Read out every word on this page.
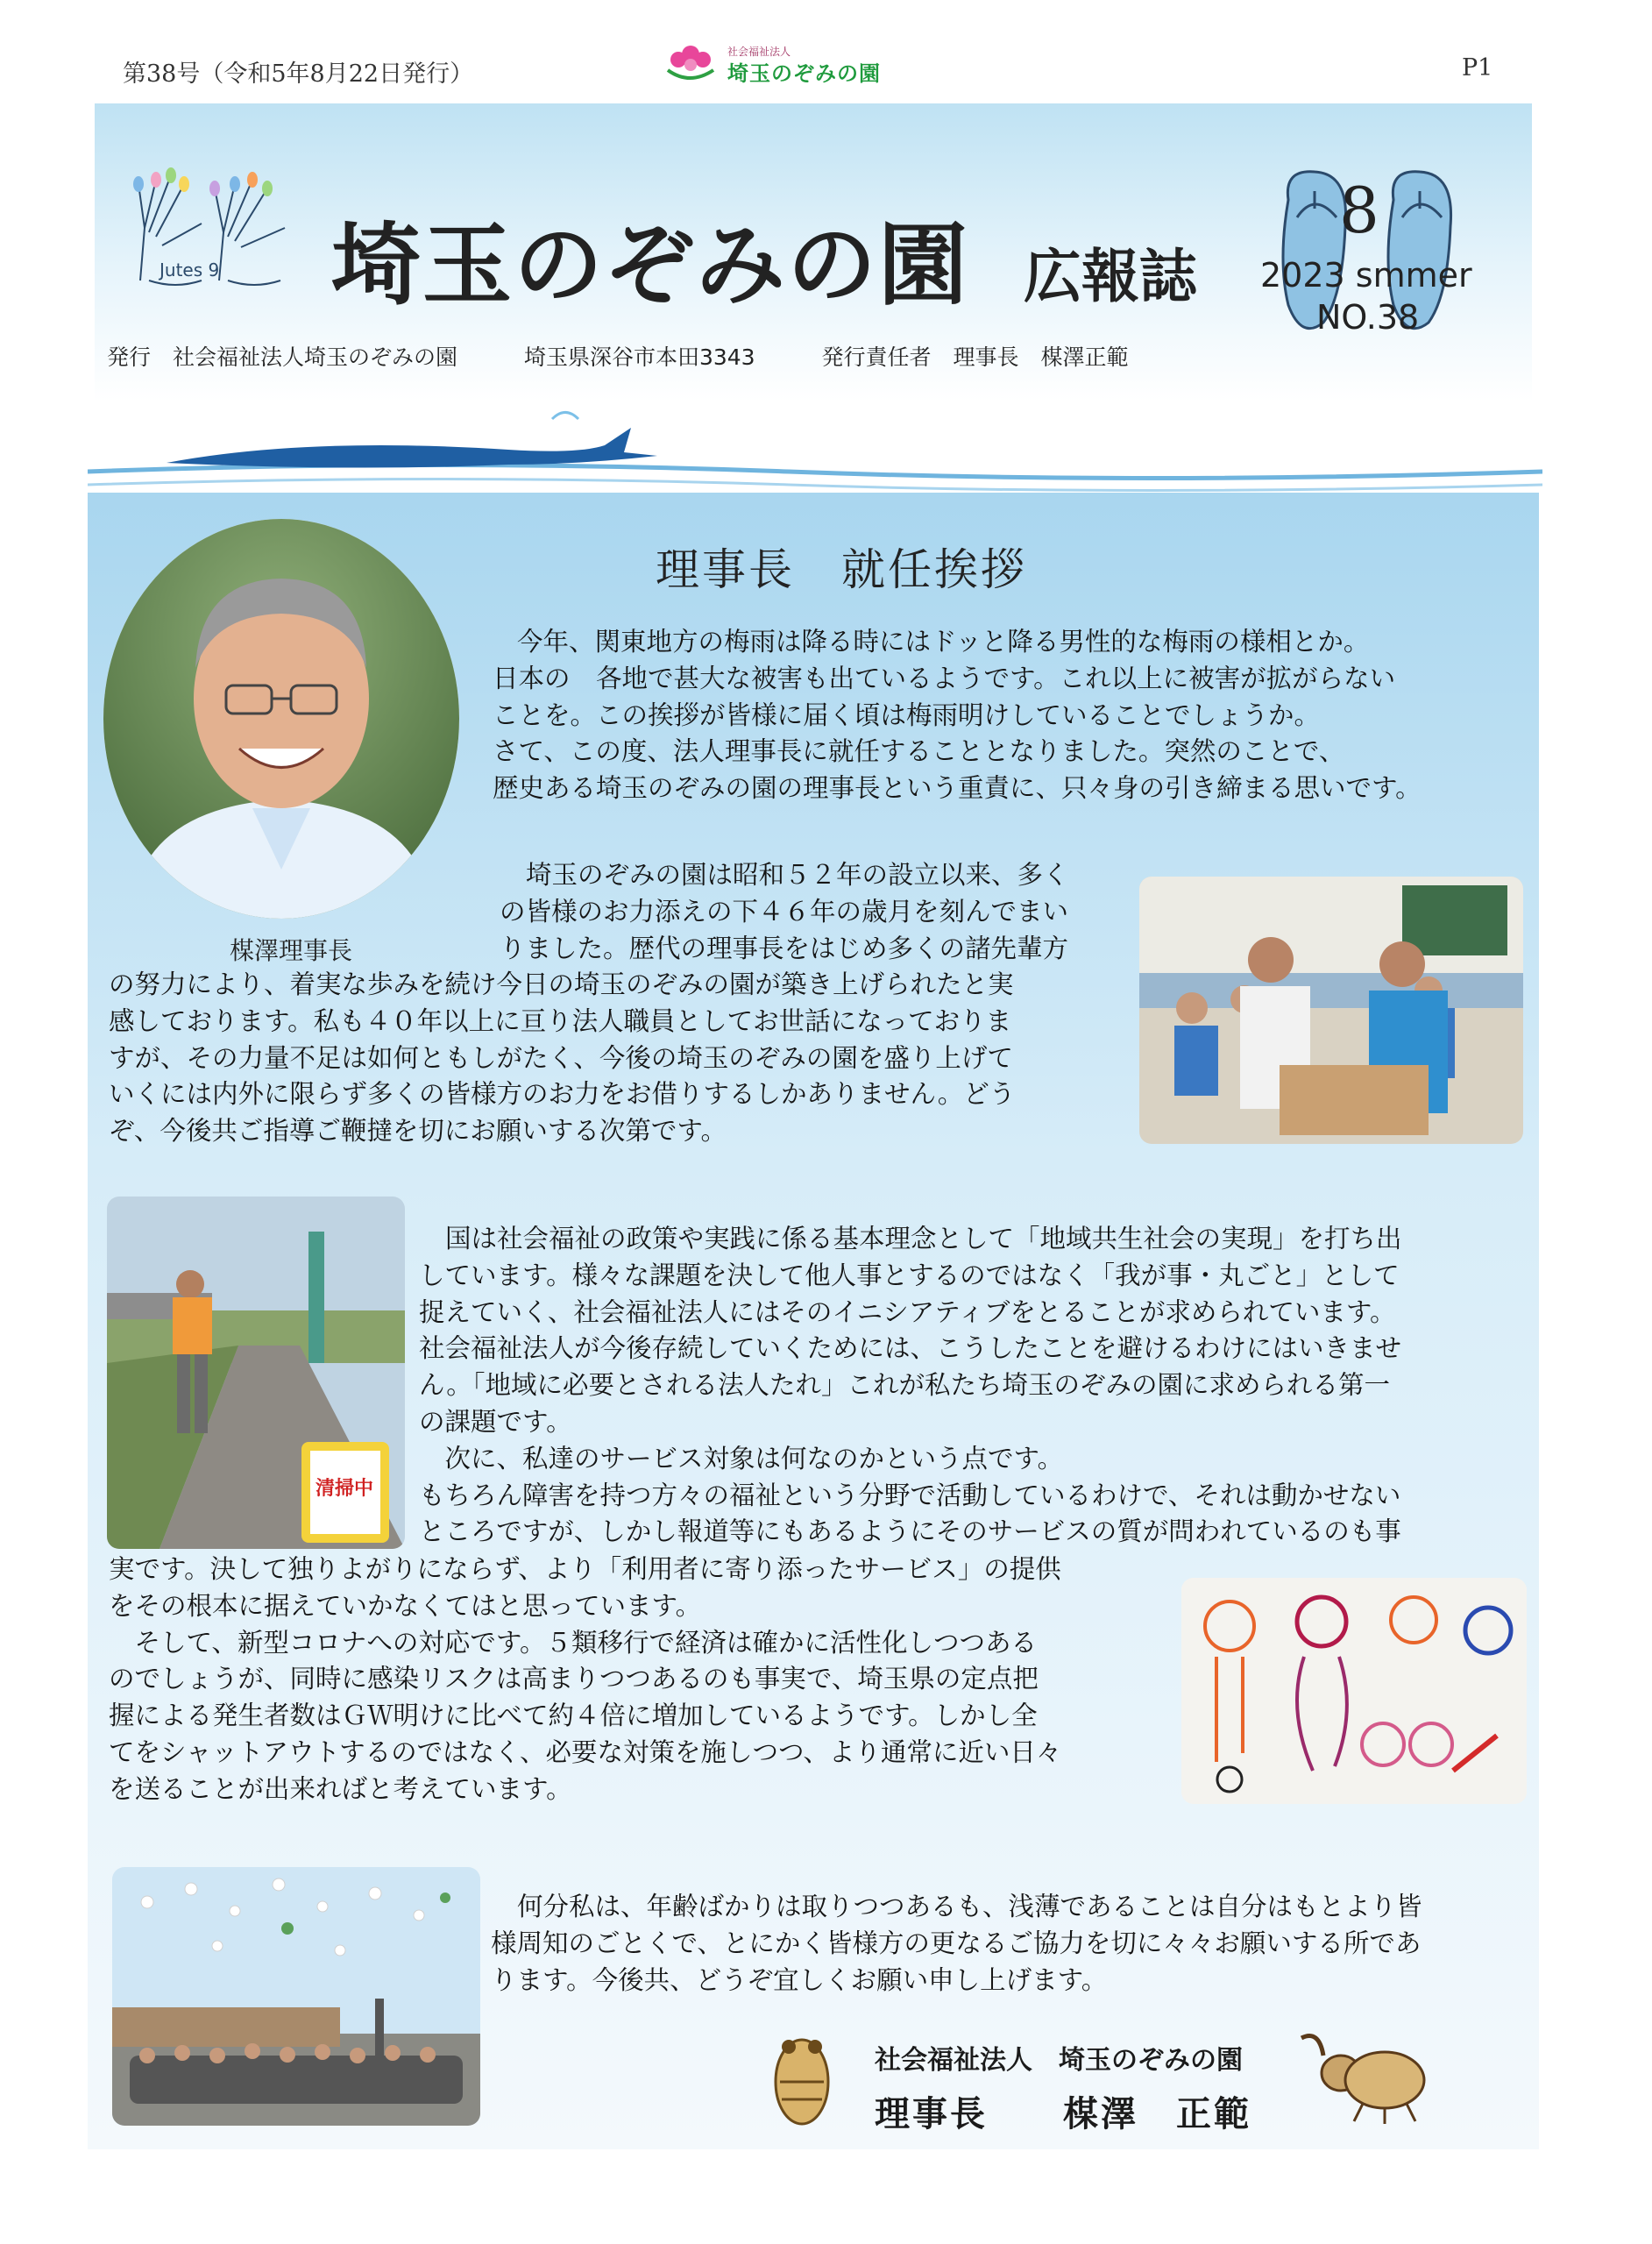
第38号（令和5年8月22日発行）
社会福祉法人
埼玉のぞみの園	P1
Jutes 9 埼玉のぞみの園 広報誌
8
2023 smmer
NO.38
発行　社会福祉法人埼玉のぞみの園	埼玉県深谷市本田3343	発行責任者　理事長　楳澤正範
楳澤理事長
理事長　就任挨拶
今年、関東地方の梅雨は降る時にはドッと降る男性的な梅雨の様相とか。
日本の　各地で甚大な被害も出ているようです。これ以上に被害が拡がらない
ことを。この挨拶が皆様に届く頃は梅雨明けしていることでしょうか。
さて、この度、法人理事長に就任することとなりました。突然のことで、
歴史ある埼玉のぞみの園の理事長という重責に、只々身の引き締まる思いです。
埼玉のぞみの園は昭和５２年の設立以来、多く
の皆様のお力添えの下４６年の歳月を刻んでまい
りました。歴代の理事長をはじめ多くの諸先輩方
の努力により、着実な歩みを続け今日の埼玉のぞみの園が築き上げられたと実
感しております。私も４０年以上に亘り法人職員としてお世話になっておりま
すが、その力量不足は如何ともしがたく、今後の埼玉のぞみの園を盛り上げて
いくには内外に限らず多くの皆様方のお力をお借りするしかありません。どう
ぞ、今後共ご指導ご鞭撻を切にお願いする次第です。
清掃中
国は社会福祉の政策や実践に係る基本理念として「地域共生社会の実現」を打ち出
しています。様々な課題を決して他人事とするのではなく「我が事・丸ごと」として
捉えていく、社会福祉法人にはそのイニシアティブをとることが求められています。
社会福祉法人が今後存続していくためには、こうしたことを避けるわけにはいきませ
ん。「地域に必要とされる法人たれ」これが私たち埼玉のぞみの園に求められる第一
の課題です。
　次に、私達のサービス対象は何なのかという点です。
もちろん障害を持つ方々の福祉という分野で活動しているわけで、それは動かせない
ところですが、しかし報道等にもあるようにそのサービスの質が問われているのも事
実です。決して独りよがりにならず、より「利用者に寄り添ったサービス」の提供
をその根本に据えていかなくてはと思っています。
　そして、新型コロナへの対応です。５類移行で経済は確かに活性化しつつある
のでしょうが、同時に感染リスクは高まりつつあるのも事実で、埼玉県の定点把
握による発生者数はＧＷ明けに比べて約４倍に増加しているようです。しかし全
てをシャットアウトするのではなく、必要な対策を施しつつ、より通常に近い日々
を送ることが出来ればと考えています。
何分私は、年齢ばかりは取りつつあるも、浅薄であることは自分はもとより皆
様周知のごとくで、とにかく皆様方の更なるご協力を切に々々お願いする所であ
ります。今後共、どうぞ宜しくお願い申し上げます。
社会福祉法人　埼玉のぞみの園
理事長　　楳澤　正範
